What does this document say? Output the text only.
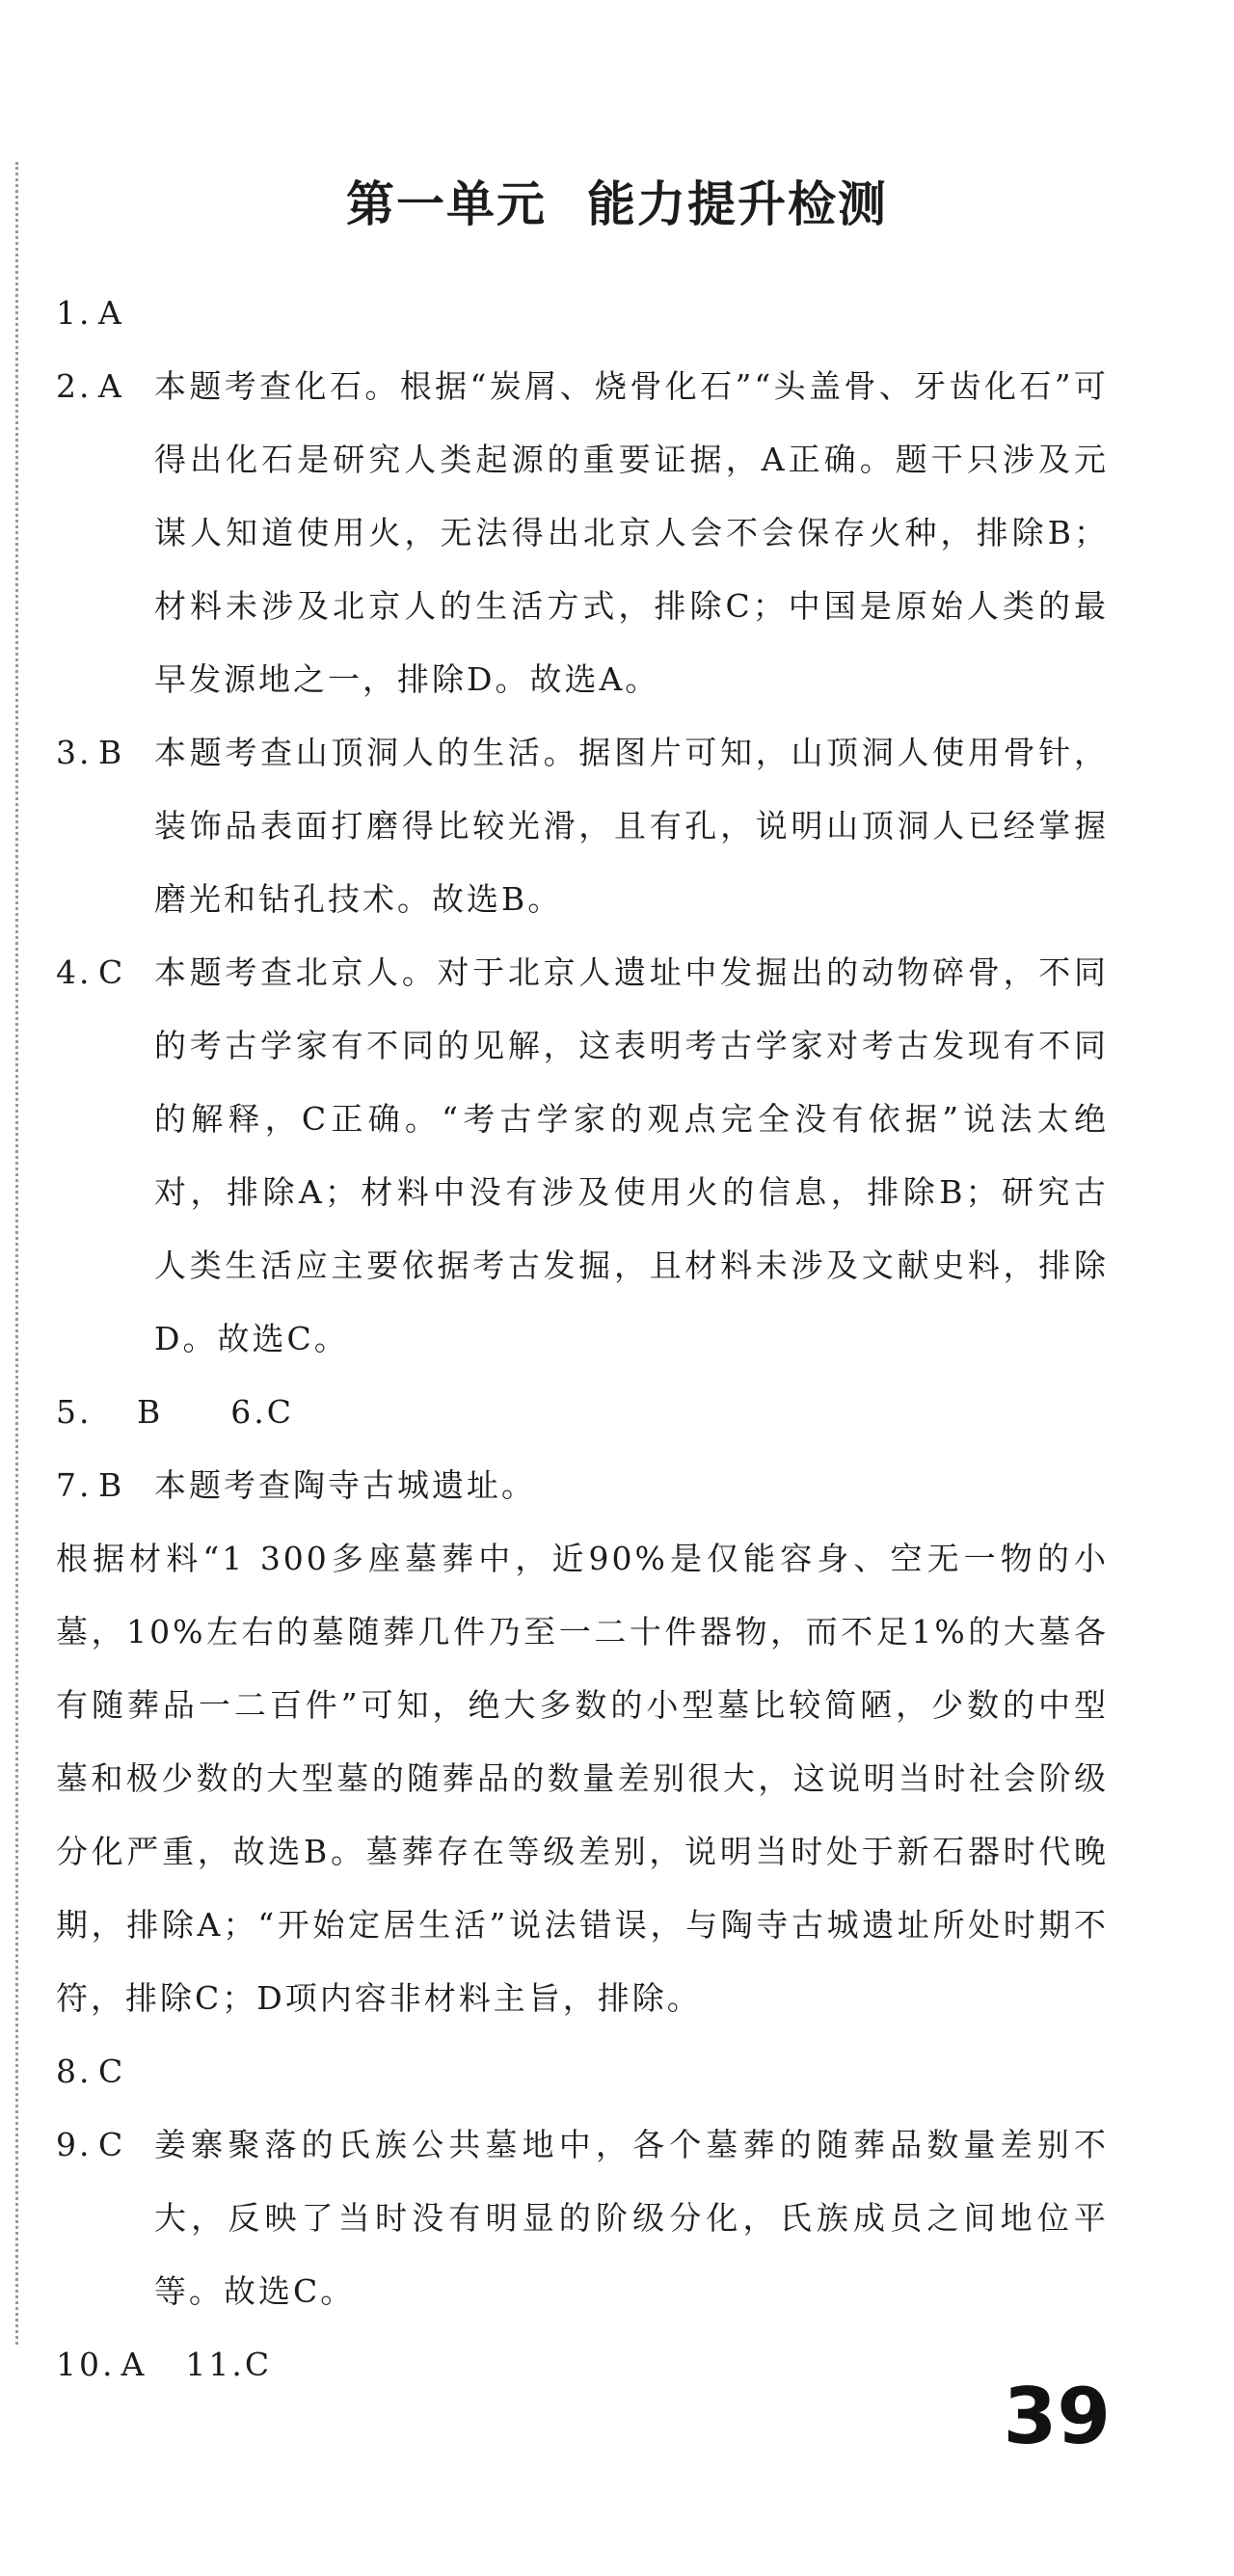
第一单元 能力提升检测
1. A
2. A 本题考查化石。根据“炭屑、烧骨化石”“头盖骨、牙齿化石”可得出化石是研究人类起源的重要证据，A正确。题干只涉及元谋人知道使用火，无法得出北京人会不会保存火种，排除B；材料未涉及北京人的生活方式，排除C；中国是原始人类的最早发源地之一，排除D。故选A。
3. B 本题考查山顶洞人的生活。据图片可知，山顶洞人使用骨针，装饰品表面打磨得比较光滑，且有孔，说明山顶洞人已经掌握磨光和钻孔技术。故选B。
4. C 本题考查北京人。对于北京人遗址中发掘出的动物碎骨，不同的考古学家有不同的见解，这表明考古学家对考古发现有不同的解释，C正确。“考古学家的观点完全没有依据”说法太绝对，排除A；材料中没有涉及使用火的信息，排除B；研究古人类生活应主要依据考古发掘，且材料未涉及文献史料，排除D。故选C。
5. B 6. C
7. B 本题考查陶寺古城遗址。
根据材料“1 300多座墓葬中，近90%是仅能容身、空无一物的小墓，10%左右的墓随葬几件乃至一二十件器物，而不足1%的大墓各有随葬品一二百件”可知，绝大多数的小型墓比较简陋，少数的中型墓和极少数的大型墓的随葬品的数量差别很大，这说明当时社会阶级分化严重，故选B。墓葬存在等级差别，说明当时处于新石器时代晚期，排除A；“开始定居生活”说法错误，与陶寺古城遗址所处时期不符，排除C；D项内容非材料主旨，排除。
8. C
9. C 姜寨聚落的氏族公共墓地中，各个墓葬的随葬品数量差别不大，反映了当时没有明显的阶级分化，氏族成员之间地位平等。故选C。
10. A 11. C
39
